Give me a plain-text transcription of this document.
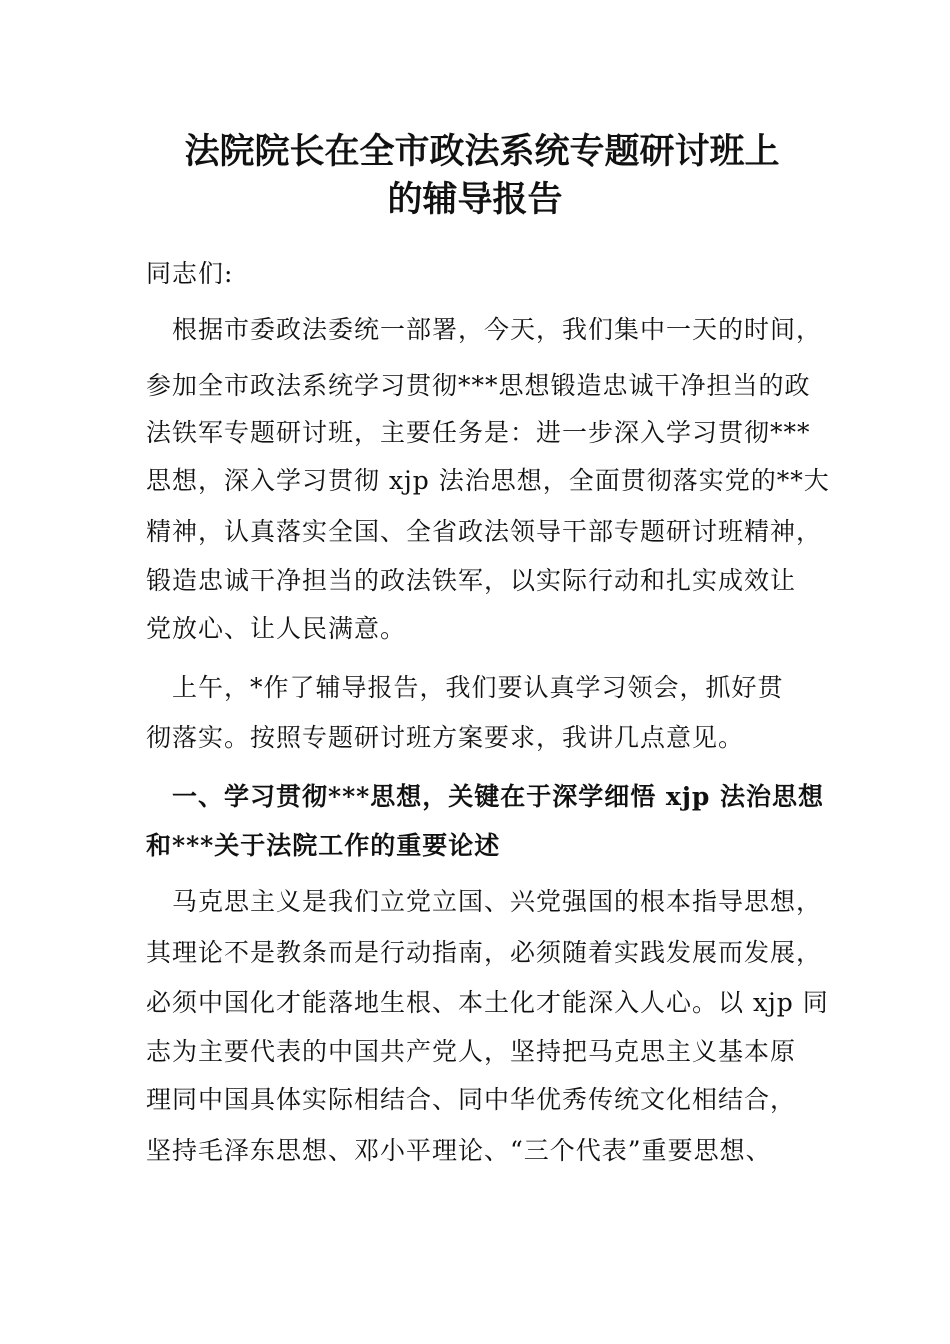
法院院长在全市政法系统专题研讨班上
的辅导报告
同志们:
　根据市委政法委统一部署，今天，我们集中一天的时间，
参加全市政法系统学习贯彻***思想锻造忠诚干净担当的政
法铁军专题研讨班，主要任务是：进一步深入学习贯彻***
思想，深入学习贯彻 xjp 法治思想，全面贯彻落实党的**大
精神，认真落实全国、全省政法领导干部专题研讨班精神，
锻造忠诚干净担当的政法铁军，以实际行动和扎实成效让
党放心、让人民满意。
　上午，*作了辅导报告，我们要认真学习领会，抓好贯
彻落实。按照专题研讨班方案要求，我讲几点意见。
　一、学习贯彻***思想，关键在于深学细悟 xjp 法治思想
和***关于法院工作的重要论述
　马克思主义是我们立党立国、兴党强国的根本指导思想，
其理论不是教条而是行动指南，必须随着实践发展而发展，
必须中国化才能落地生根、本土化才能深入人心。以 xjp 同
志为主要代表的中国共产党人，坚持把马克思主义基本原
理同中国具体实际相结合、同中华优秀传统文化相结合，
坚持毛泽东思想、邓小平理论、“三个代表”重要思想、
